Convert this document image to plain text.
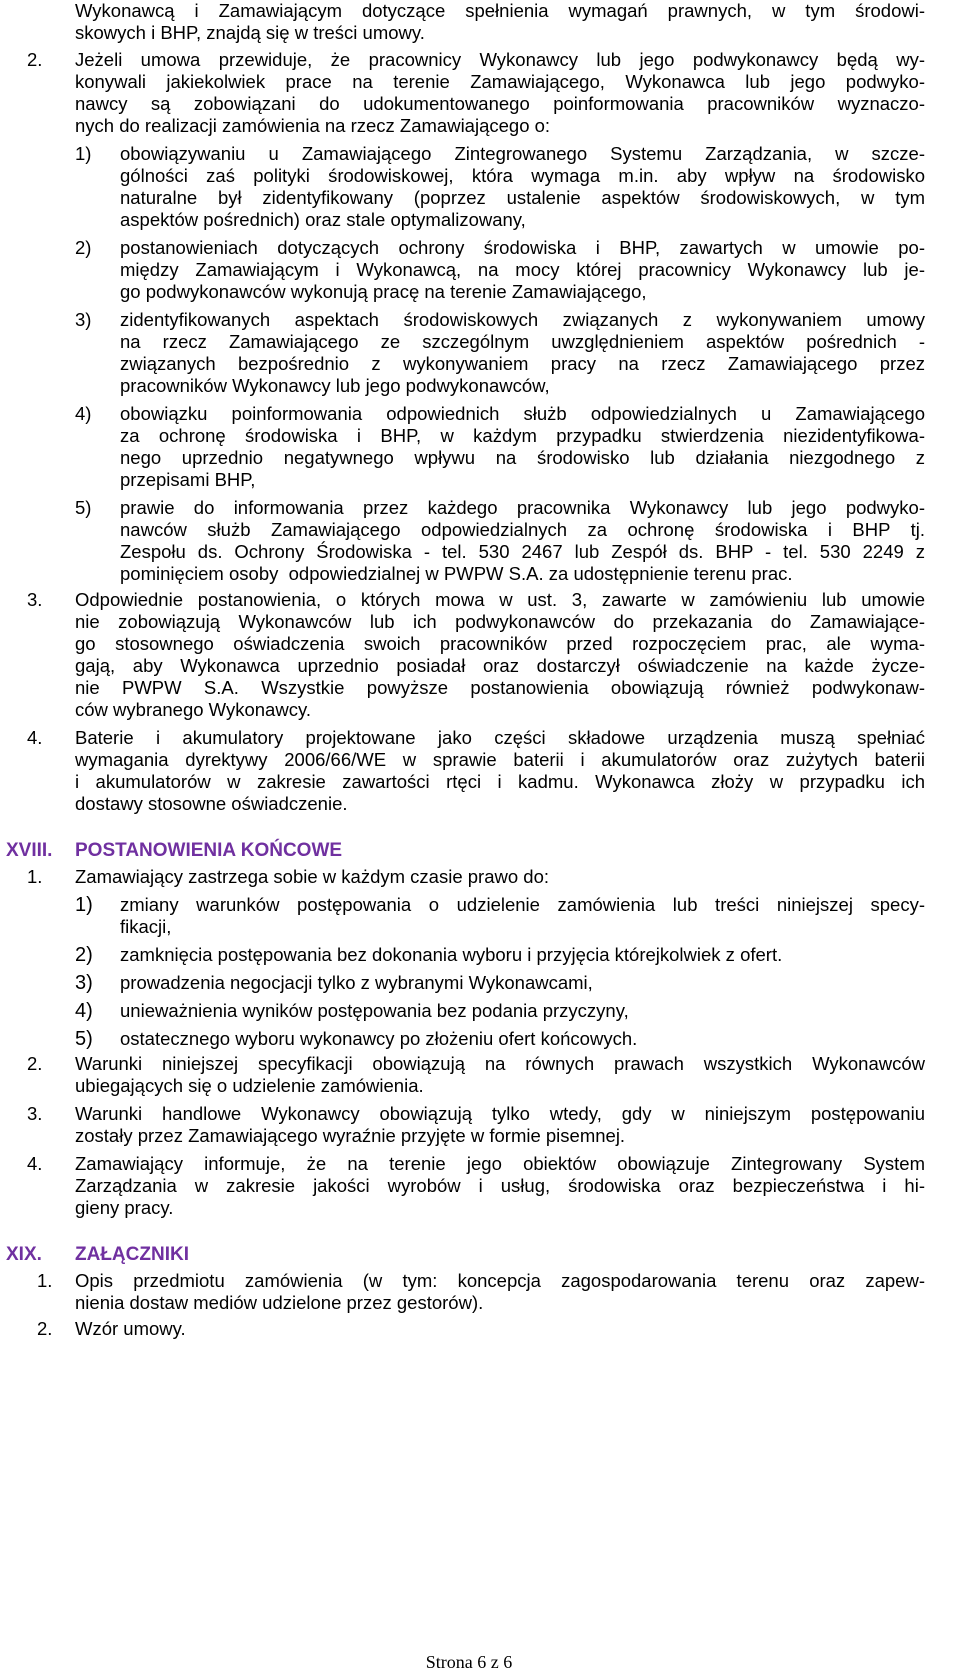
Wykonawcą i Zamawiającym dotyczące spełnienia wymagań prawnych, w tym środowi-
skowych i BHP, znajdą się w treści umowy.
2. Jeżeli umowa przewiduje, że pracownicy Wykonawcy lub jego podwykonawcy będą wy-
konywali jakiekolwiek prace na terenie Zamawiającego, Wykonawca lub jego podwyko-
nawcy są zobowiązani do udokumentowanego poinformowania pracowników wyznaczo-
nych do realizacji zamówienia na rzecz Zamawiającego o:
1) obowiązywaniu u Zamawiającego Zintegrowanego Systemu Zarządzania, w szcze-
gólności zaś polityki środowiskowej, która wymaga m.in. aby wpływ na środowisko
naturalne był zidentyfikowany (poprzez ustalenie aspektów środowiskowych, w tym
aspektów pośrednich) oraz stale optymalizowany,
2) postanowieniach dotyczących ochrony środowiska i BHP, zawartych w umowie po-
między Zamawiającym i Wykonawcą, na mocy której pracownicy Wykonawcy lub je-
go podwykonawców wykonują pracę na terenie Zamawiającego,
3) zidentyfikowanych aspektach środowiskowych związanych z wykonywaniem umowy
na rzecz Zamawiającego ze szczególnym uwzględnieniem aspektów pośrednich -
związanych bezpośrednio z wykonywaniem pracy na rzecz Zamawiającego przez
pracowników Wykonawcy lub jego podwykonawców,
4) obowiązku poinformowania odpowiednich służb odpowiedzialnych u Zamawiającego
za ochronę środowiska i BHP, w każdym przypadku stwierdzenia niezidentyfikowa-
nego uprzednio negatywnego wpływu na środowisko lub działania niezgodnego z
przepisami BHP,
5) prawie do informowania przez każdego pracownika Wykonawcy lub jego podwyko-
nawców służb Zamawiającego odpowiedzialnych za ochronę środowiska i BHP tj.
Zespołu ds. Ochrony Środowiska - tel. 530 2467 lub Zespół ds. BHP - tel. 530 2249 z
pominięciem osoby  odpowiedzialnej w PWPW S.A. za udostępnienie terenu prac.
3. Odpowiednie postanowienia, o których mowa w ust. 3, zawarte w zamówieniu lub umowie
nie zobowiązują Wykonawców lub ich podwykonawców do przekazania do Zamawiające-
go stosownego oświadczenia swoich pracowników przed rozpoczęciem prac, ale wyma-
gają, aby Wykonawca uprzednio posiadał oraz dostarczył oświadczenie na każde życze-
nie PWPW S.A. Wszystkie powyższe postanowienia obowiązują również podwykonaw-
ców wybranego Wykonawcy.
4. Baterie i akumulatory projektowane jako części składowe urządzenia muszą spełniać
wymagania dyrektywy 2006/66/WE w sprawie baterii i akumulatorów oraz zużytych baterii
i akumulatorów w zakresie zawartości rtęci i kadmu. Wykonawca złoży w przypadku ich
dostawy stosowne oświadczenie.
XVIII. POSTANOWIENIA KOŃCOWE
1. Zamawiający zastrzega sobie w każdym czasie prawo do:
1) zmiany warunków postępowania o udzielenie zamówienia lub treści niniejszej specy-
fikacji,
2) zamknięcia postępowania bez dokonania wyboru i przyjęcia którejkolwiek z ofert.
3) prowadzenia negocjacji tylko z wybranymi Wykonawcami,
4) unieważnienia wyników postępowania bez podania przyczyny,
5) ostatecznego wyboru wykonawcy po złożeniu ofert końcowych.
2. Warunki niniejszej specyfikacji obowiązują na równych prawach wszystkich Wykonawców
ubiegających się o udzielenie zamówienia.
3. Warunki handlowe Wykonawcy obowiązują tylko wtedy, gdy w niniejszym postępowaniu
zostały przez Zamawiającego wyraźnie przyjęte w formie pisemnej.
4. Zamawiający informuje, że na terenie jego obiektów obowiązuje Zintegrowany System
Zarządzania w zakresie jakości wyrobów i usług, środowiska oraz bezpieczeństwa i hi-
gieny pracy.
XIX. ZAŁĄCZNIKI
1. Opis przedmiotu zamówienia (w tym: koncepcja zagospodarowania terenu oraz zapew-
nienia dostaw mediów udzielone przez gestorów).
2. Wzór umowy.
Strona 6 z 6
